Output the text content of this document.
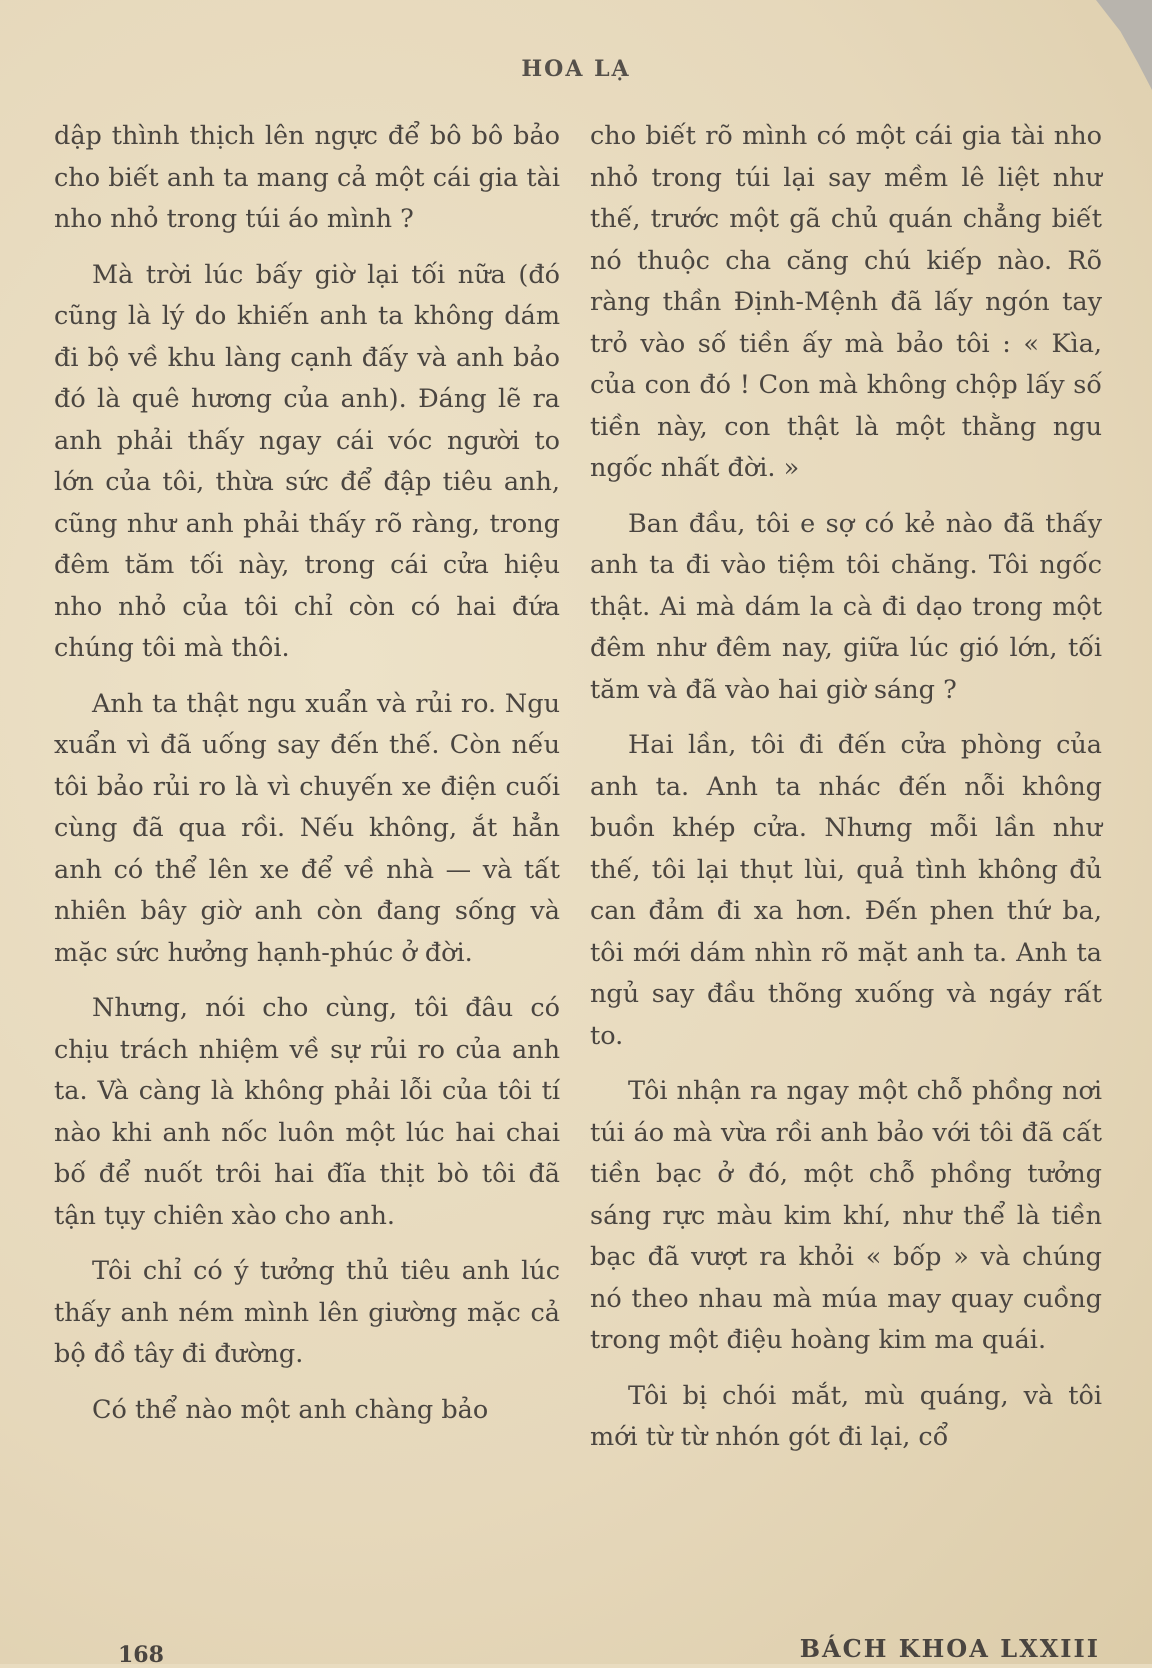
HOA LẠ

dập thình thịch lên ngực để bô bô bảo cho biết anh ta mang cả một cái gia tài nho nhỏ trong túi áo mình ?

Mà trời lúc bấy giờ lại tối nữa (đó cũng là lý do khiến anh ta không dám đi bộ về khu làng cạnh đấy và anh bảo đó là quê hương của anh). Đáng lẽ ra anh phải thấy ngay cái vóc người to lớn của tôi, thừa sức để đập tiêu anh, cũng như anh phải thấy rõ ràng, trong đêm tăm tối này, trong cái cửa hiệu nho nhỏ của tôi chỉ còn có hai đứa chúng tôi mà thôi.

Anh ta thật ngu xuẩn và rủi ro. Ngu xuẩn vì đã uống say đến thế. Còn nếu tôi bảo rủi ro là vì chuyến xe điện cuối cùng đã qua rồi. Nếu không, ắt hẳn anh có thể lên xe để về nhà — và tất nhiên bây giờ anh còn đang sống và mặc sức hưởng hạnh-phúc ở đời.

Nhưng, nói cho cùng, tôi đâu có chịu trách nhiệm về sự rủi ro của anh ta. Và càng là không phải lỗi của tôi tí nào khi anh nốc luôn một lúc hai chai bố để nuốt trôi hai đĩa thịt bò tôi đã tận tụy chiên xào cho anh.

Tôi chỉ có ý tưởng thủ tiêu anh lúc thấy anh ném mình lên giường mặc cả bộ đồ tây đi đường.

Có thể nào một anh chàng bảo

cho biết rõ mình có một cái gia tài nho nhỏ trong túi lại say mềm lê liệt như thế, trước một gã chủ quán chẳng biết nó thuộc cha căng chú kiếp nào. Rõ ràng thần Định-Mệnh đã lấy ngón tay trỏ vào số tiền ấy mà bảo tôi : « Kìa, của con đó ! Con mà không chộp lấy số tiền này, con thật là một thằng ngu ngốc nhất đời. »

Ban đầu, tôi e sợ có kẻ nào đã thấy anh ta đi vào tiệm tôi chăng. Tôi ngốc thật. Ai mà dám la cà đi dạo trong một đêm như đêm nay, giữa lúc gió lớn, tối tăm và đã vào hai giờ sáng ?

Hai lần, tôi đi đến cửa phòng của anh ta. Anh ta nhác đến nỗi không buồn khép cửa. Nhưng mỗi lần như thế, tôi lại thụt lùi, quả tình không đủ can đảm đi xa hơn. Đến phen thứ ba, tôi mới dám nhìn rõ mặt anh ta. Anh ta ngủ say đầu thõng xuống và ngáy rất to.

Tôi nhận ra ngay một chỗ phồng nơi túi áo mà vừa rồi anh bảo với tôi đã cất tiền bạc ở đó, một chỗ phồng tưởng sáng rực màu kim khí, như thể là tiền bạc đã vượt ra khỏi « bốp » và chúng nó theo nhau mà múa may quay cuồng trong một điệu hoàng kim ma quái.

Tôi bị chói mắt, mù quáng, và tôi mới từ từ nhón gót đi lại, cổ

168	BÁCH KHOA LXXIII
